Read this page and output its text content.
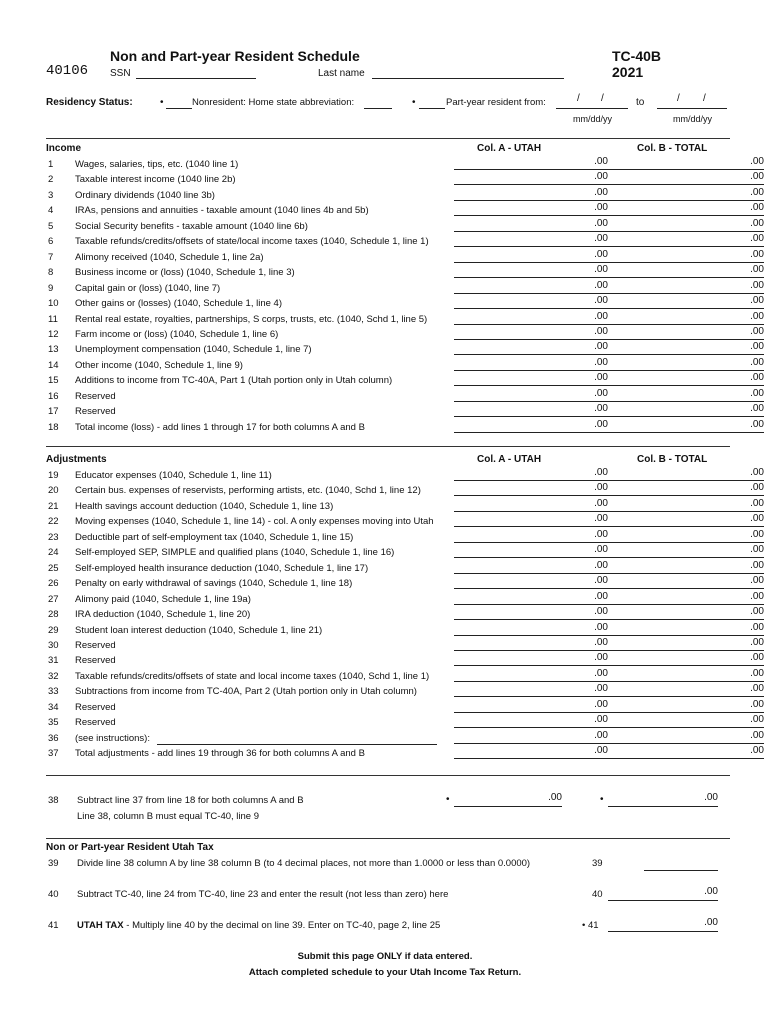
40106
Non and Part-year Resident Schedule	TC-40B
2021
SSN	Last name
Residency Status:	•	Nonresident: Home state abbreviation:	•	Part-year resident from:	/ /	to	/ /
mm/dd/yy	mm/dd/yy
Income	Col. A - UTAH	Col. B - TOTAL
1 Wages, salaries, tips, etc. (1040 line 1)	.00	.00
2 Taxable interest income (1040 line 2b)	.00	.00
3 Ordinary dividends (1040 line 3b)	.00	.00
4 IRAs, pensions and annuities - taxable amount (1040 lines 4b and 5b)	.00	.00
5 Social Security benefits - taxable amount (1040 line 6b)	.00	.00
6 Taxable refunds/credits/offsets of state/local income taxes (1040, Schedule 1, line 1)	.00	.00
7 Alimony received (1040, Schedule 1, line 2a)	.00	.00
8 Business income or (loss) (1040, Schedule 1, line 3)	.00	.00
9 Capital gain or (loss) (1040, line 7)	.00	.00
10 Other gains or (losses) (1040, Schedule 1, line 4)	.00	.00
11 Rental real estate, royalties, partnerships, S corps, trusts, etc. (1040, Schd 1, line 5)	.00	.00
12 Farm income or (loss) (1040, Schedule 1, line 6)	.00	.00
13 Unemployment compensation (1040, Schedule 1, line 7)	.00	.00
14 Other income (1040, Schedule 1, line 9)	.00	.00
15 Additions to income from TC-40A, Part 1 (Utah portion only in Utah column)	.00	.00
16 Reserved	.00	.00
17 Reserved	.00	.00
18 Total income (loss) - add lines 1 through 17 for both columns A and B	.00	.00
Adjustments	Col. A - UTAH	Col. B - TOTAL
19 Educator expenses (1040, Schedule 1, line 11)	.00	.00
20 Certain bus. expenses of reservists, performing artists, etc. (1040, Schd 1, line 12)	.00	.00
21 Health savings account deduction (1040, Schedule 1, line 13)	.00	.00
22 Moving expenses (1040, Schedule 1, line 14) - col. A only expenses moving into Utah	.00	.00
23 Deductible part of self-employment tax (1040, Schedule 1, line 15)	.00	.00
24 Self-employed SEP, SIMPLE and qualified plans (1040, Schedule 1, line 16)	.00	.00
25 Self-employed health insurance deduction (1040, Schedule 1, line 17)	.00	.00
26 Penalty on early withdrawal of savings (1040, Schedule 1, line 18)	.00	.00
27 Alimony paid (1040, Schedule 1, line 19a)	.00	.00
28 IRA deduction (1040, Schedule 1, line 20)	.00	.00
29 Student loan interest deduction (1040, Schedule 1, line 21)	.00	.00
30 Reserved	.00	.00
31 Reserved	.00	.00
32 Taxable refunds/credits/offsets of state and local income taxes (1040, Schd 1, line 1)	.00	.00
33 Subtractions from income from TC-40A, Part 2 (Utah portion only in Utah column)	.00	.00
34 Reserved	.00	.00
35 Reserved	.00	.00
36 (see instructions):	.00	.00
37 Total adjustments - add lines 19 through 36 for both columns A and B	.00	.00
38 Subtract line 37 from line 18 for both columns A and B
Line 38, column B must equal TC-40, line 9
•	.00	•	.00
Non or Part-year Resident Utah Tax
39 Divide line 38 column A by line 38 column B (to 4 decimal places, not more than 1.0000 or less than 0.0000)	39
40 Subtract TC-40, line 24 from TC-40, line 23 and enter the result (not less than zero) here	40	.00
41 UTAH TAX - Multiply line 40 by the decimal on line 39. Enter on TC-40, page 2, line 25	• 41	.00
Submit this page ONLY if data entered.
Attach completed schedule to your Utah Income Tax Return.
